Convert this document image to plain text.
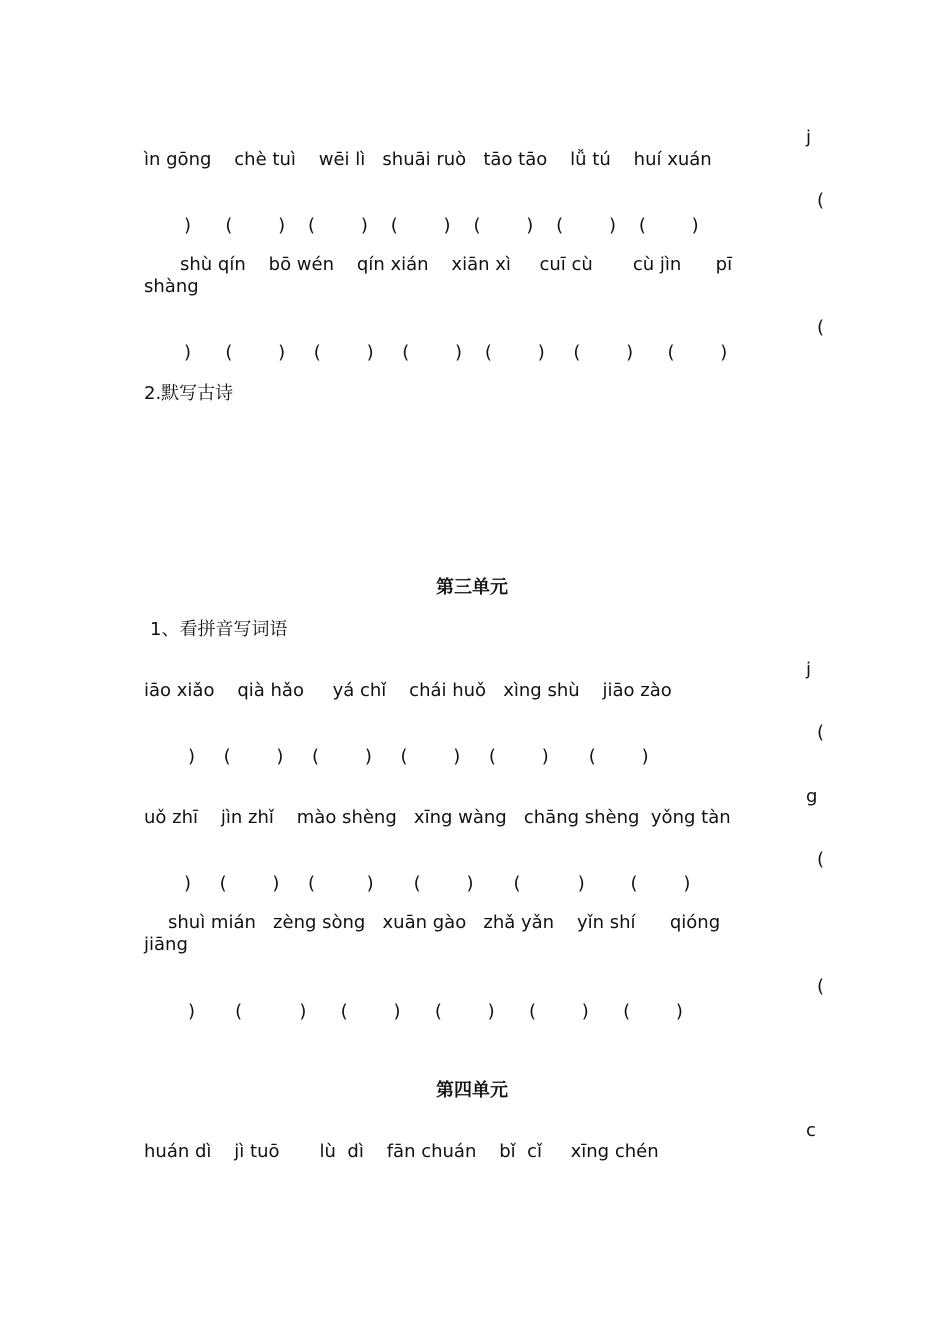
j
ìn gōng    chè tuì    wēi lì   shuāi ruò   tāo tāo    lǚ tú    huí xuán
(
)      (        )    (        )    (        )    (        )    (        )    (        )
shù qín    bō wén    qín xián    xiān xì     cuī cù       cù jìn      pī
shàng
(
)      (        )     (        )     (        )    (        )     (        )      (        )
2.默写古诗
第三单元
1、看拼音写词语
j
iāo xiǎo    qià hǎo     yá chǐ    chái huǒ   xìng shù    jiāo zào
(
)     (        )     (        )     (        )     (        )       (        )
g
uǒ zhī    jìn zhǐ    mào shèng   xīng wàng   chāng shèng  yǒng tàn
(
)     (        )     (         )       (        )       (          )        (        )
shuì mián   zèng sòng   xuān gào   zhǎ yǎn    yǐn shí      qióng
jiāng
(
)       (          )      (        )      (        )      (        )      (        )
第四单元
c
huán dì    jì tuō       lù  dì    fān chuán    bǐ  cǐ     xīng chén
